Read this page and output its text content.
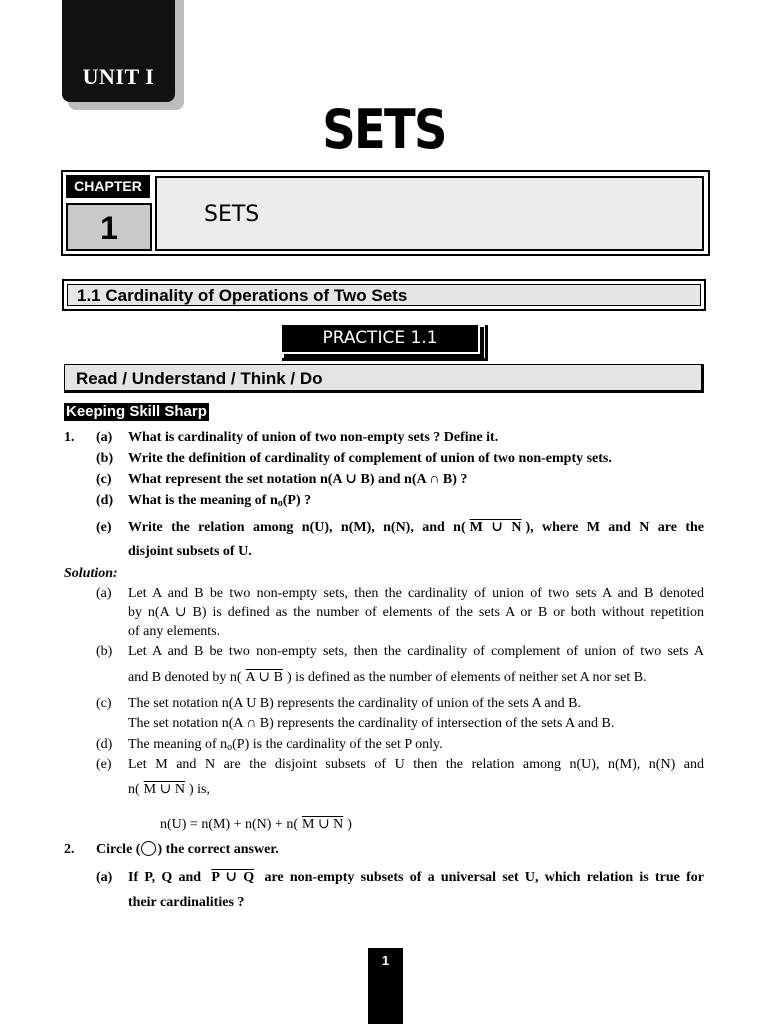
UNIT I
SETS
CHAPTER
1	SETS
1.1 Cardinality of Operations of Two Sets
PRACTICE 1.1
Read / Understand / Think / Do
Keeping Skill Sharp
1. (a) What is cardinality of union of two non-empty sets ? Define it.
(b) Write the definition of cardinality of complement of union of two non-empty sets.
(c) What represent the set notation n(A ∪ B) and n(A ∩ B) ?
(d) What is the meaning of $n_o(P)$ ?
(e) Write the relation among n(U), n(M), n(N), and n( M ∪ N ), where M and N are the
disjoint subsets of U.
Solution:
(a) Let A and B be two non-empty sets, then the cardinality of union of two sets A and B denoted
by n(A ∪ B) is defined as the number of elements of the sets A or B or both without repetition
of any elements.
(b) Let A and B be two non-empty sets, then the cardinality of complement of union of two sets A
and B denoted by n( A ∪ B ) is defined as the number of elements of neither set A nor set B.
(c) The set notation n(A U B) represents the cardinality of union of the sets A and B.
The set notation n(A ∩ B) represents the cardinality of intersection of the sets A and B.
(d) The meaning of $n_o(P)$ is the cardinality of the set P only.
(e) Let M and N are the disjoint subsets of U then the relation among n(U), n(M), n(N) and
n( M ∪ N ) is,
n(U) = n(M) + n(N) + n( M ∪ N )
2. Circle ( ) the correct answer.
(a) If P, Q and P ∪ Q are non-empty subsets of a universal set U, which relation is true for
their cardinalities ?
1
